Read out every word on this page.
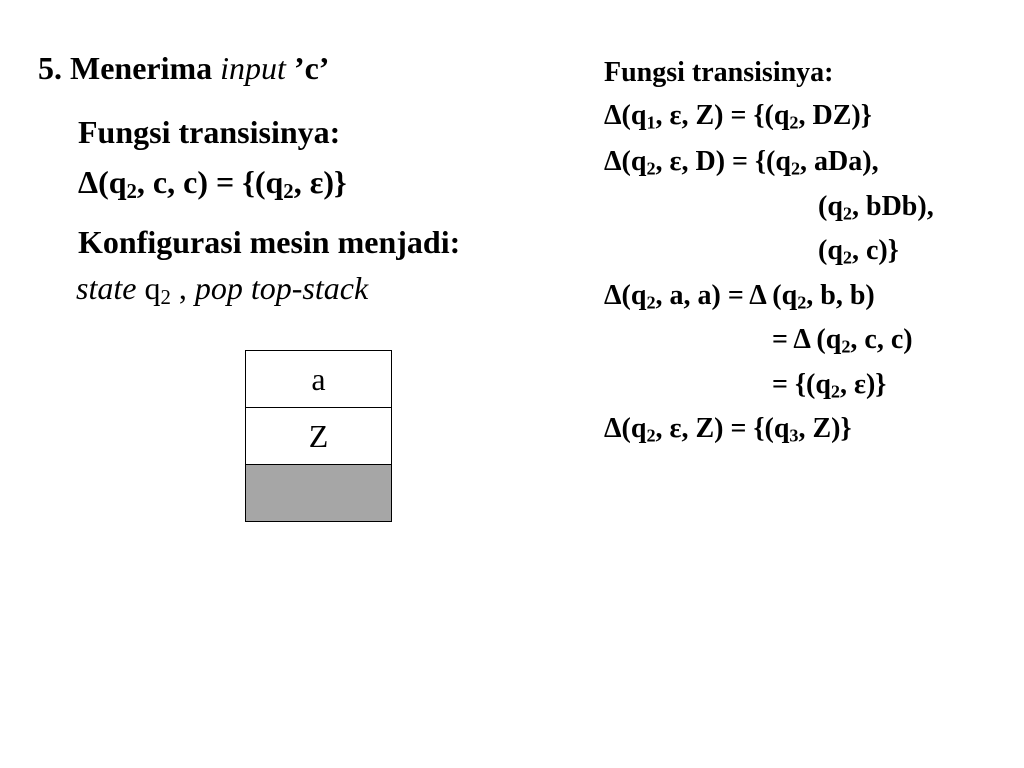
5. Menerima input ’c’
Fungsi transisinya:
$\Delta(q_2$, c, $c) = \{(q_2$, ε)}
Konfigurasi mesin menjadi:
state $q_2$ , pop top-stack
a
Z
Fungsi transisinya:
$\Delta(q_1$, ε, $Z) = \{(q_2$, DZ)}
$\Delta(q_2$, ε, $D) = \{(q_2$, aDa),
($q_2$, bDb),
($q_2$, c)}
$\Delta(q_2$, a, a) = Δ ($q_2$, b, b)
= Δ ($q_2$, c, c)
= {($q_2$, ε)}
$\Delta(q_2$, ε, $Z) = \{(q_3$, Z)}
